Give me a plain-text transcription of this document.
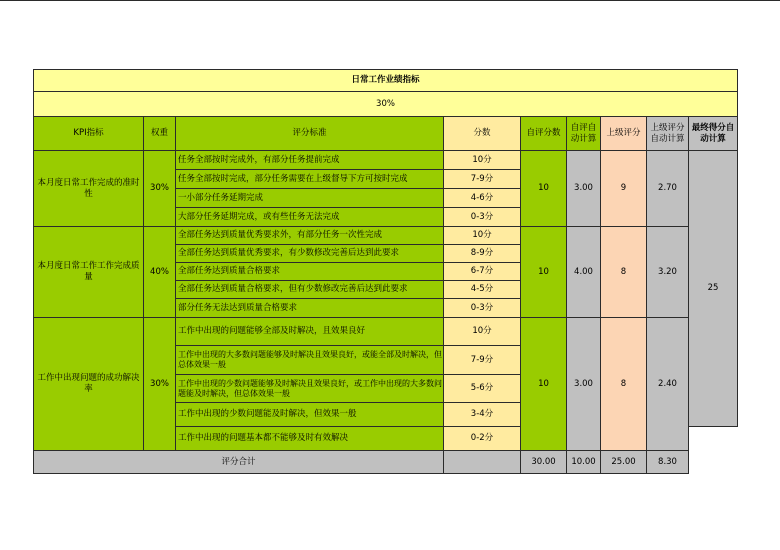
日常工作业绩指标								
30%								
KPI指标	权重	评分标准	分数	自评分数	自评自动计算	上级评分	上级评分自动计算	最终得分自动计算
本月度日常工作完成的准时性	30%	任务全部按时完成外，有部分任务提前完成	10分	10	3.00	9	2.70	25
		任务全部按时完成，部分任务需要在上级督导下方可按时完成	7-9分					
		一小部分任务延期完成	4-6分					
		大部分任务延期完成，或有些任务无法完成	0-3分					
本月度日常工作工作完成质量	40%	全部任务达到质量优秀要求外，有部分任务一次性完成	10分	10	4.00	8	3.20	
		全部任务达到质量优秀要求，有少数修改完善后达到此要求	8-9分					
		全部任务达到质量合格要求	6-7分					
		全部任务达到质量合格要求，但有少数修改完善后达到此要求	4-5分					
		部分任务无法达到质量合格要求	0-3分					
工作中出现问题的成功解决率	30%	工作中出现的问题能够全部及时解决，且效果良好	10分	10	3.00	8	2.40	
		工作中出现的大多数问题能够及时解决且效果良好，或能全部及时解决，但总体效果一般	7-9分					
		工作中出现的少数问题能够及时解决且效果良好，或工作中出现的大多数问题能及时解决，但总体效果一般	5-6分					
		工作中出现的少数问题能及时解决，但效果一般	3-4分					
		工作中出现的问题基本都不能够及时有效解决	0-2分					
评分合计				30.00	10.00	25.00	8.30	
